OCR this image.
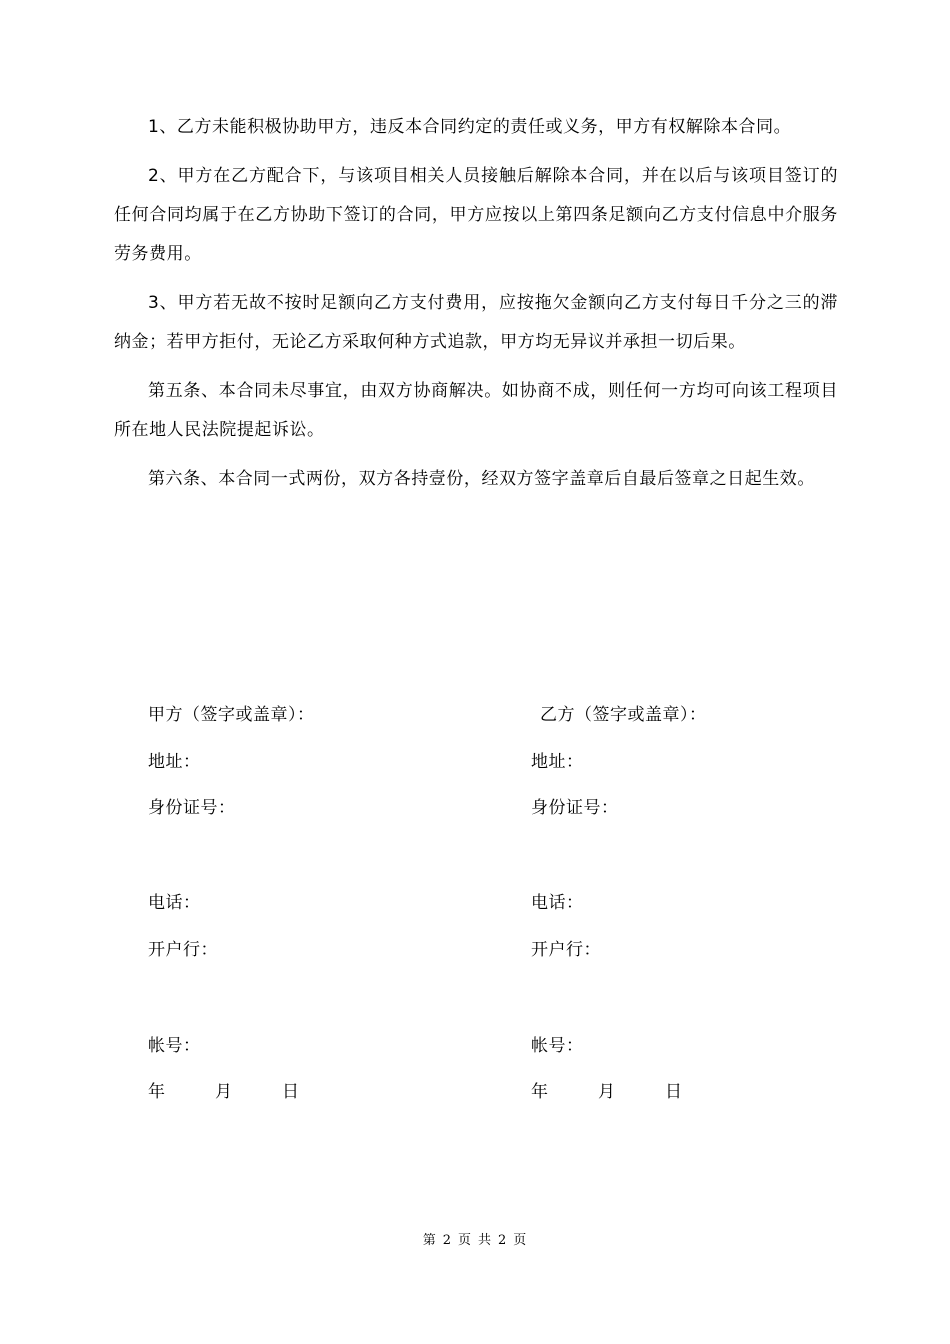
1、乙方未能积极协助甲方，违反本合同约定的责任或义务，甲方有权解除本合同。

2、甲方在乙方配合下，与该项目相关人员接触后解除本合同，并在以后与该项目签订的任何合同均属于在乙方协助下签订的合同，甲方应按以上第四条足额向乙方支付信息中介服务劳务费用。

3、甲方若无故不按时足额向乙方支付费用，应按拖欠金额向乙方支付每日千分之三的滞纳金；若甲方拒付，无论乙方采取何种方式追款，甲方均无异议并承担一切后果。

第五条、本合同未尽事宜，由双方协商解决。如协商不成，则任何一方均可向该工程项目所在地人民法院提起诉讼。

第六条、本合同一式两份，双方各持壹份，经双方签字盖章后自最后签章之日起生效。

甲方（签字或盖章）：
地址：
身份证号：
电话：
开户行：
帐号：
年	月	日
乙方（签字或盖章）：
地址：
身份证号：
电话：
开户行：
帐号：
年	月	日
第 2 页 共 2 页
